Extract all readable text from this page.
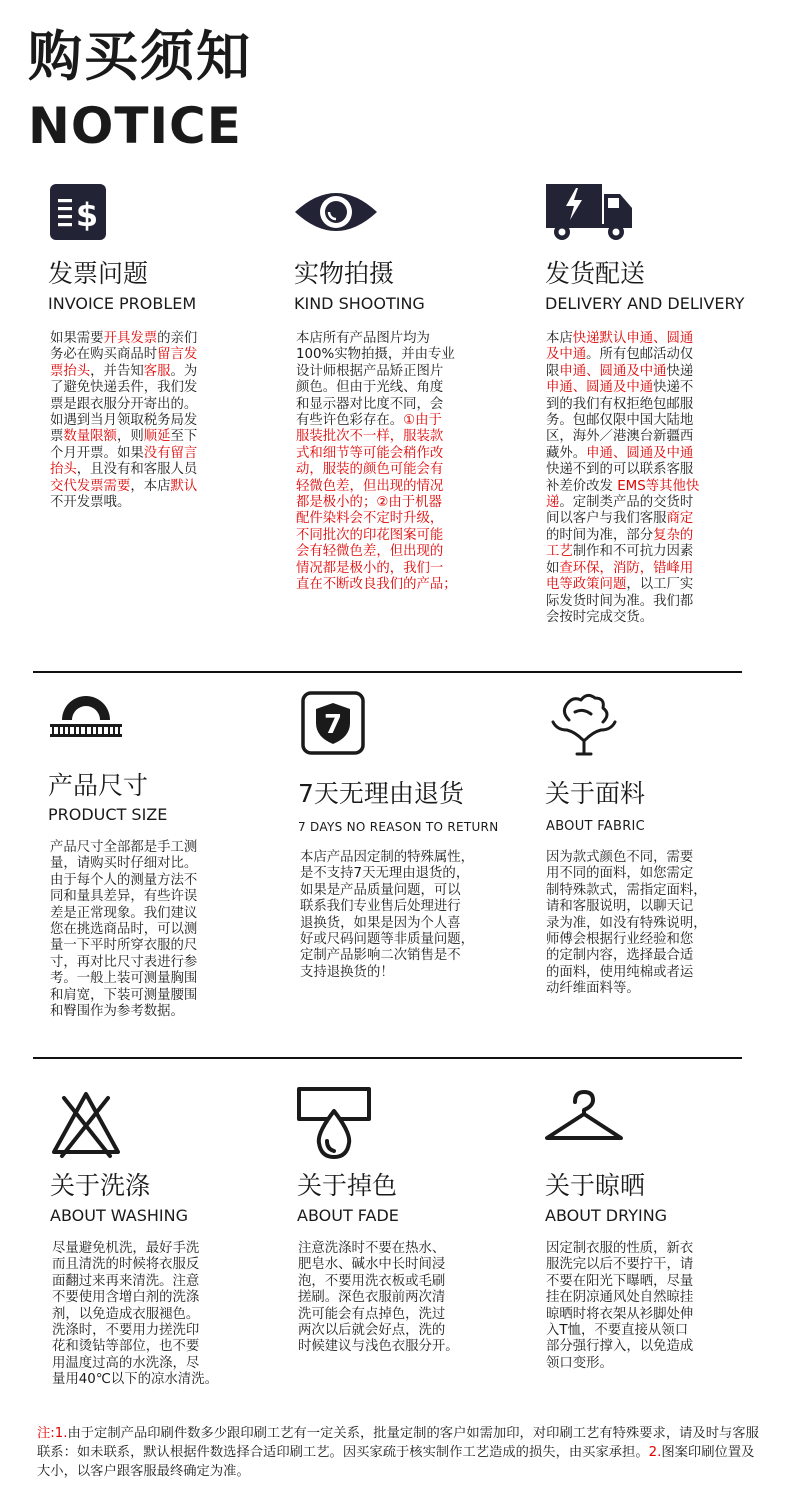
购买须知
NOTICE
$
发票问题
INVOICE PROBLEM
如果需要开具发票的亲们
务必在购买商品时留言发
票抬头，并告知客服。为
了避免快递丢件，我们发
票是跟衣服分开寄出的。
如遇到当月领取税务局发
票数量限额，则顺延至下
个月开票。如果没有留言
抬头，且没有和客服人员
交代发票需要，本店默认
不开发票哦。
实物拍摄
KIND SHOOTING
本店所有产品图片均为
100%实物拍摄，并由专业
设计师根据产品矫正图片
颜色。但由于光线、角度
和显示器对比度不同，会
有些许色彩存在。①由于
服装批次不一样，服装款
式和细节等可能会稍作改
动，服装的颜色可能会有
轻微色差，但出现的情况
都是极小的；②由于机器
配件染料会不定时升级，
不同批次的印花图案可能
会有轻微色差，但出现的
情况都是极小的，我们一
直在不断改良我们的产品；
发货配送
DELIVERY AND DELIVERY
本店快递默认申通、圆通
及中通。所有包邮活动仅
限申通、圆通及中通快递
申通、圆通及中通快递不
到的我们有权拒绝包邮服
务。包邮仅限中国大陆地
区，海外／港澳台新疆西
藏外。申通、圆通及中通
快递不到的可以联系客服
补差价改发 EMS等其他快
递。定制类产品的交货时
间以客户与我们客服商定
的时间为准，部分复杂的
工艺制作和不可抗力因素
如查环保，消防，错峰用
电等政策问题，以工厂实
际发货时间为准。我们都
会按时完成交货。
产品尺寸
PRODUCT SIZE
产品尺寸全部都是手工测
量，请购买时仔细对比。
由于每个人的测量方法不
同和量具差异，有些许误
差是正常现象。我们建议
您在挑选商品时，可以测
量一下平时所穿衣服的尺
寸，再对比尺寸表进行参
考。一般上装可测量胸围
和肩宽，下装可测量腰围
和臀围作为参考数据。
7
7天无理由退货
7 DAYS NO REASON TO RETURN
本店产品因定制的特殊属性，
是不支持7天无理由退货的，
如果是产品质量问题，可以
联系我们专业售后处理进行
退换货，如果是因为个人喜
好或尺码问题等非质量问题，
定制产品影响二次销售是不
支持退换货的！
关于面料
ABOUT FABRIC
因为款式颜色不同，需要
用不同的面料，如您需定
制特殊款式，需指定面料，
请和客服说明，以聊天记
录为准，如没有特殊说明，
师傅会根据行业经验和您
的定制内容，选择最合适
的面料，使用纯棉或者运
动纤维面料等。
关于洗涤
ABOUT WASHING
尽量避免机洗，最好手洗
而且清洗的时候将衣服反
面翻过来再来清洗。注意
不要使用含增白剂的洗涤
剂，以免造成衣服褪色。
洗涤时，不要用力搓洗印
花和烫钻等部位，也不要
用温度过高的水洗涤，尽
量用40℃以下的凉水清洗。
关于掉色
ABOUT FADE
注意洗涤时不要在热水、
肥皂水、碱水中长时间浸
泡，不要用洗衣板或毛刷
搓刷。深色衣服前两次清
洗可能会有点掉色，洗过
两次以后就会好点，洗的
时候建议与浅色衣服分开。
关于晾晒
ABOUT DRYING
因定制衣服的性质，新衣
服洗完以后不要拧干，请
不要在阳光下曝晒，尽量
挂在阴凉通风处自然晾挂
晾晒时将衣架从衫脚处伸
入T恤，不要直接从领口
部分强行撑入，以免造成
领口变形。
注:1.由于定制产品印刷件数多少跟印刷工艺有一定关系，批量定制的客户如需加印，对印刷工艺有特殊要求，请及时与客服联系：如未联系，默认根据件数选择合适印刷工艺。因买家疏于核实制作工艺造成的损失，由买家承担。2.图案印刷位置及大小，以客户跟客服最终确定为准。
